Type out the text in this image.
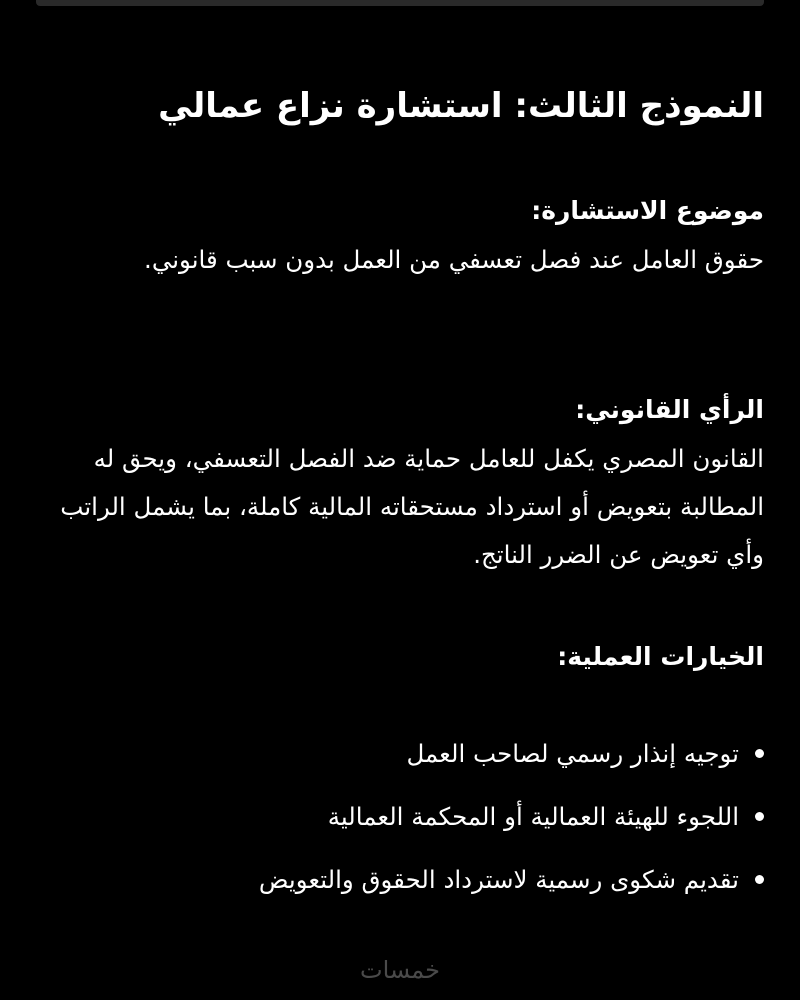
النموذج الثالث: استشارة نزاع عمالي
موضوع الاستشارة:

حقوق العامل عند فصل تعسفي من العمل بدون سبب قانوني.

الرأي القانوني:

القانون المصري يكفل للعامل حماية ضد الفصل التعسفي، ويحق له المطالبة بتعويض أو استرداد مستحقاته المالية كاملة، بما يشمل الراتب وأي تعويض عن الضرر الناتج.

الخيارات العملية:
توجيه إنذار رسمي لصاحب العمل
اللجوء للهيئة العمالية أو المحكمة العمالية
تقديم شكوى رسمية لاسترداد الحقوق والتعويض
خمسات
